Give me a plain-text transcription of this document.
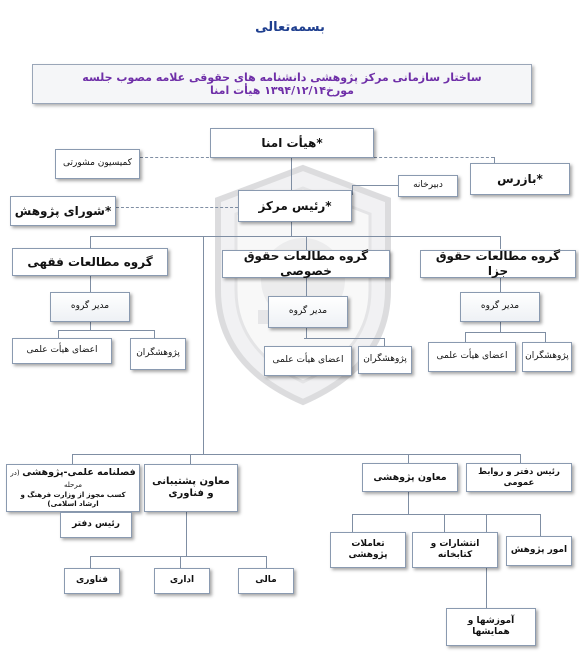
بسمه‌تعالی
ساختار سازمانی مرکز پژوهشی دانشنامه های حقوقی علامه مصوب جلسه مورخ۱۳۹۴/۱۲/۱۴ هیأت امنا
*هیأت امنا
کمیسیون مشورتی
*بازرس
دبیرخانه
*شورای پژوهش	*رئیس مرکز
گروه مطالعات فقهی	گروه مطالعات حقوق خصوصی
گروه مطالعات حقوق جزا
مدیر گروه	مدیر گروه	مدیر گروه
اعضای هیأت علمی	پژوهشگران
اعضای هیأت علمی	پژوهشگران	اعضای هیأت علمی	پژوهشگران
فصلنامه علمی-پژوهشی (در مرحله
کسب مجوز از وزارت فرهنگ و ارشاد اسلامی)
معاون پشتیبانی و فناوری
معاون پژوهشی	رئیس دفتر و روابط عمومی
رئیس دفتر
فناوری	اداری	مالی
تعاملات پژوهشی
انتشارات و کتابخانه	امور پژوهش
آموزشها و همایشها
